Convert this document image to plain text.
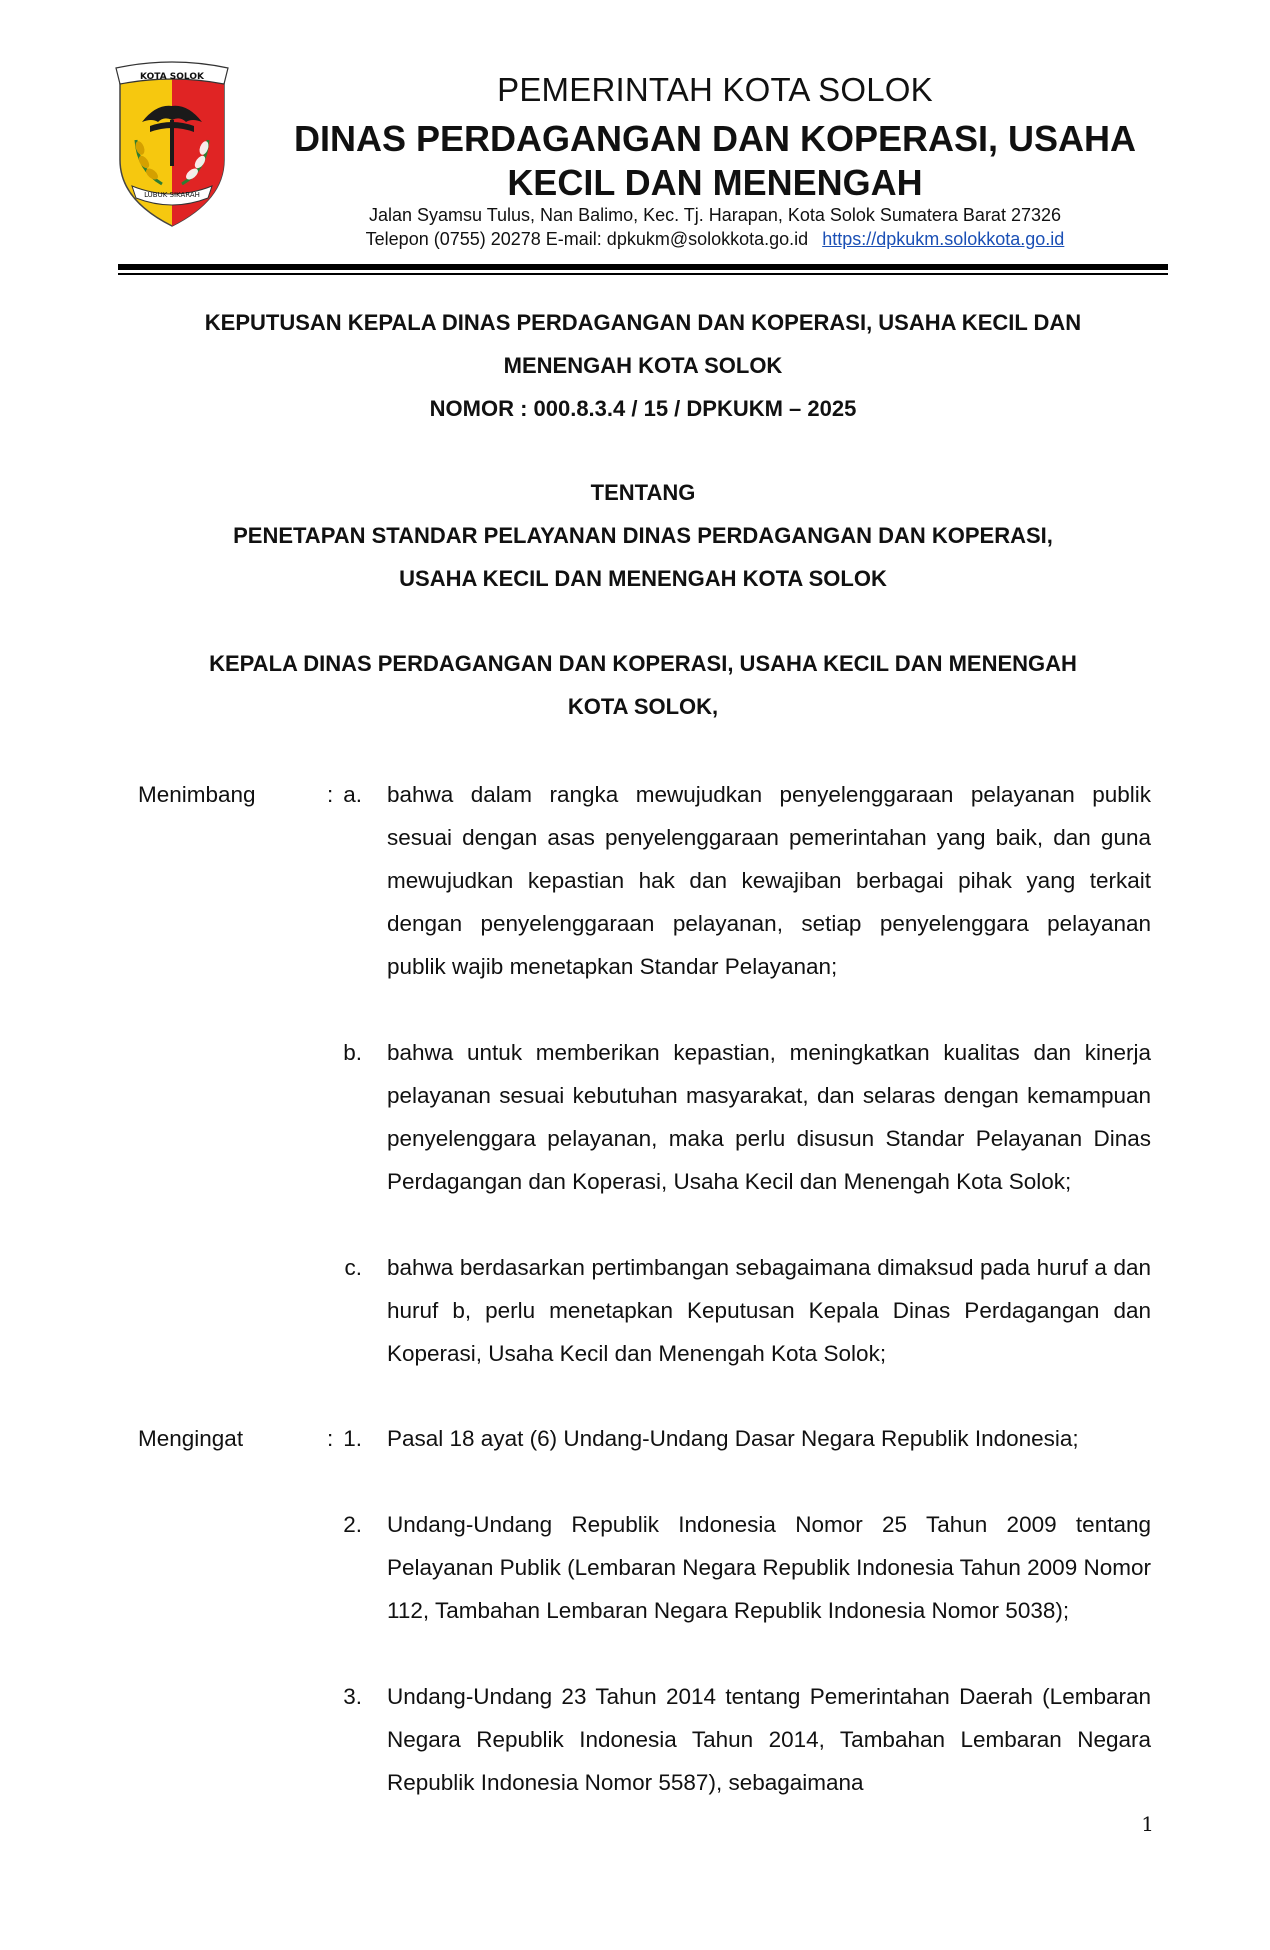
KOTA SOLOK
LUBUK SIKARAH
PEMERINTAH KOTA SOLOK
DINAS PERDAGANGAN DAN KOPERASI, USAHA
KECIL DAN MENENGAH
Jalan Syamsu Tulus, Nan Balimo, Kec. Tj. Harapan, Kota Solok Sumatera Barat 27326
Telepon (0755) 20278 E-mail: dpkukm@solokkota.go.id https://dpkukm.solokkota.go.id
KEPUTUSAN KEPALA DINAS PERDAGANGAN DAN KOPERASI, USAHA KECIL DAN
MENENGAH KOTA SOLOK
NOMOR : 000.8.3.4 / 15 / DPKUKM – 2025
TENTANG
PENETAPAN STANDAR PELAYANAN DINAS PERDAGANGAN DAN KOPERASI,
USAHA KECIL DAN MENENGAH KOTA SOLOK
KEPALA DINAS PERDAGANGAN DAN KOPERASI, USAHA KECIL DAN MENENGAH
KOTA SOLOK,
Menimbang	: a. bahwa dalam rangka mewujudkan penyelenggaraan pelayanan publik sesuai dengan asas penyelenggaraan pemerintahan yang baik, dan guna mewujudkan kepastian hak dan kewajiban berbagai pihak yang terkait dengan penyelenggaraan pelayanan, setiap penyelenggara pelayanan publik wajib menetapkan Standar Pelayanan;
b. bahwa untuk memberikan kepastian, meningkatkan kualitas dan kinerja pelayanan sesuai kebutuhan masyarakat, dan selaras dengan kemampuan penyelenggara pelayanan, maka perlu disusun Standar Pelayanan Dinas Perdagangan dan Koperasi, Usaha Kecil dan Menengah Kota Solok;
c. bahwa berdasarkan pertimbangan sebagaimana dimaksud pada huruf a dan huruf b, perlu menetapkan Keputusan Kepala Dinas Perdagangan dan Koperasi, Usaha Kecil dan Menengah Kota Solok;
Mengingat	: 1. Pasal 18 ayat (6) Undang-Undang Dasar Negara Republik Indonesia;
2. Undang-Undang Republik Indonesia Nomor 25 Tahun 2009 tentang Pelayanan Publik (Lembaran Negara Republik Indonesia Tahun 2009 Nomor 112, Tambahan Lembaran Negara Republik Indonesia Nomor 5038);
3. Undang-Undang 23 Tahun 2014 tentang Pemerintahan Daerah (Lembaran Negara Republik Indonesia Tahun 2014, Tambahan Lembaran Negara Republik Indonesia Nomor 5587), sebagaimana
1
